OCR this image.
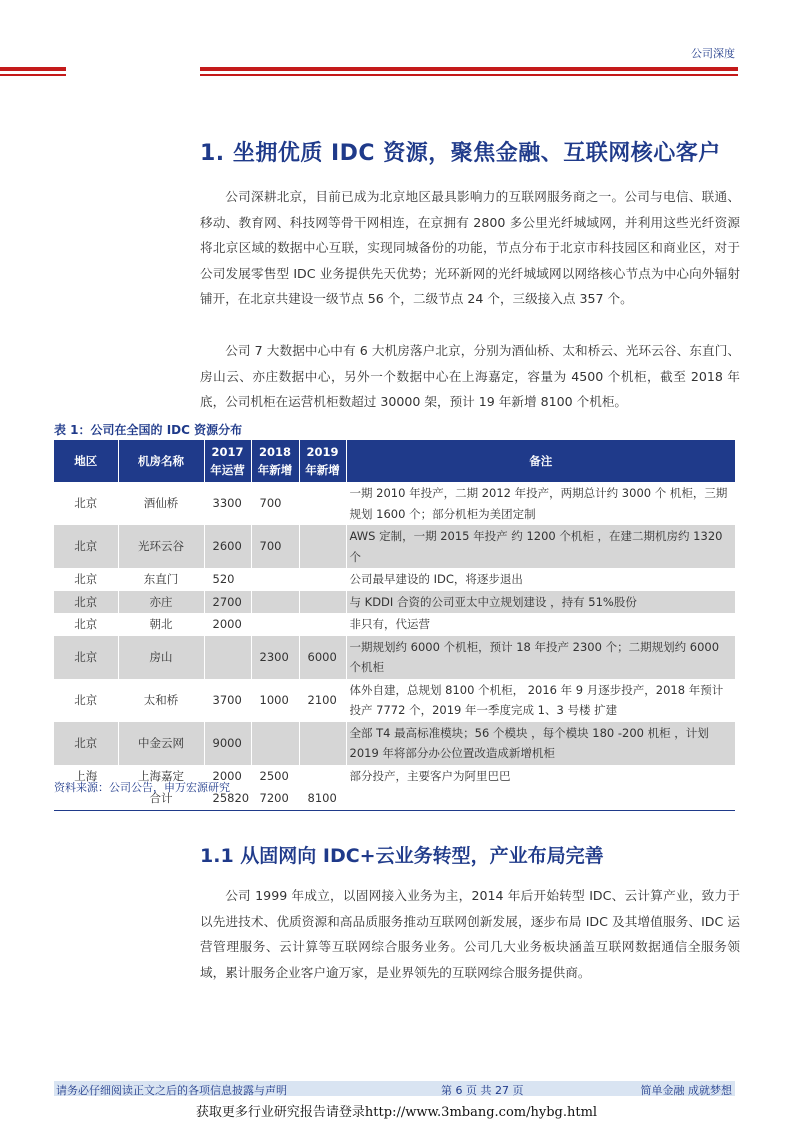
公司深度
1. 坐拥优质 IDC 资源，聚焦金融、互联网核心客户

公司深耕北京，目前已成为北京地区最具影响力的互联网服务商之一。公司与电信、联通、移动、教育网、科技网等骨干网相连，在京拥有 2800 多公里光纤城域网，并利用这些光纤资源将北京区域的数据中心互联，实现同城备份的功能，节点分布于北京市科技园区和商业区，对于公司发展零售型 IDC 业务提供先天优势；光环新网的光纤城域网以网络核心节点为中心向外辐射铺开，在北京共建设一级节点 56 个，二级节点 24 个，三级接入点 357 个。

公司 7 大数据中心中有 6 大机房落户北京，分别为酒仙桥、太和桥云、光环云谷、东直门、房山云、亦庄数据中心，另外一个数据中心在上海嘉定，容量为 4500 个机柜，截至 2018 年底，公司机柜在运营机柜数超过 30000 架，预计 19 年新增 8100 个机柜。

表 1：公司在全国的 IDC 资源分布
地区	机房名称	2017 年运营	2018 年新增	2019 年新增	备注
北京	酒仙桥	3300	700		一期 2010 年投产，二期 2012 年投产，两期总计约 3000 个 机柜，三期规划 1600 个；部分机柜为美团定制
北京	光环云谷	2600	700		AWS 定制，一期 2015 年投产 约 1200 个机柜 ，在建二期机房约 1320 个
北京	东直门	520			公司最早建设的 IDC，将逐步退出
北京	亦庄	2700			与 KDDI 合资的公司亚太中立规划建设 ，持有 51%股份
北京	朝北	2000			非只有，代运营
北京	房山		2300	6000	一期规划约 6000 个机柜，预计 18 年投产 2300 个；二期规划约 6000 个机柜
北京	太和桥	3700	1000	2100	体外自建，总规划 8100 个机柜， 2016 年 9 月逐步投产，2018 年预计 投产 7772 个，2019 年一季度完成 1、3 号楼 扩建
北京	中金云网	9000			全部 T4 最高标准模块；56 个模块 ，每个模块 180 -200 机柜 ，计划 2019 年将部分办公位置改造成新增机柜
上海	上海嘉定	2000	2500		部分投产，主要客户为阿里巴巴
	合计	25820	7200	8100	
资料来源：公司公告，申万宏源研究
1.1 从固网向 IDC+云业务转型，产业布局完善

公司 1999 年成立，以固网接入业务为主，2014 年后开始转型 IDC、云计算产业，致力于以先进技术、优质资源和高品质服务推动互联网创新发展，逐步布局 IDC 及其增值服务、IDC 运营管理服务、云计算等互联网综合服务业务。公司几大业务板块涵盖互联网数据通信全服务领域，累计服务企业客户逾万家，是业界领先的互联网综合服务提供商。

请务必仔细阅读正文之后的各项信息披露与声明	第 6 页 共 27 页	简单金融 成就梦想
获取更多行业研究报告请登录http://www.3mbang.com/hybg.html
